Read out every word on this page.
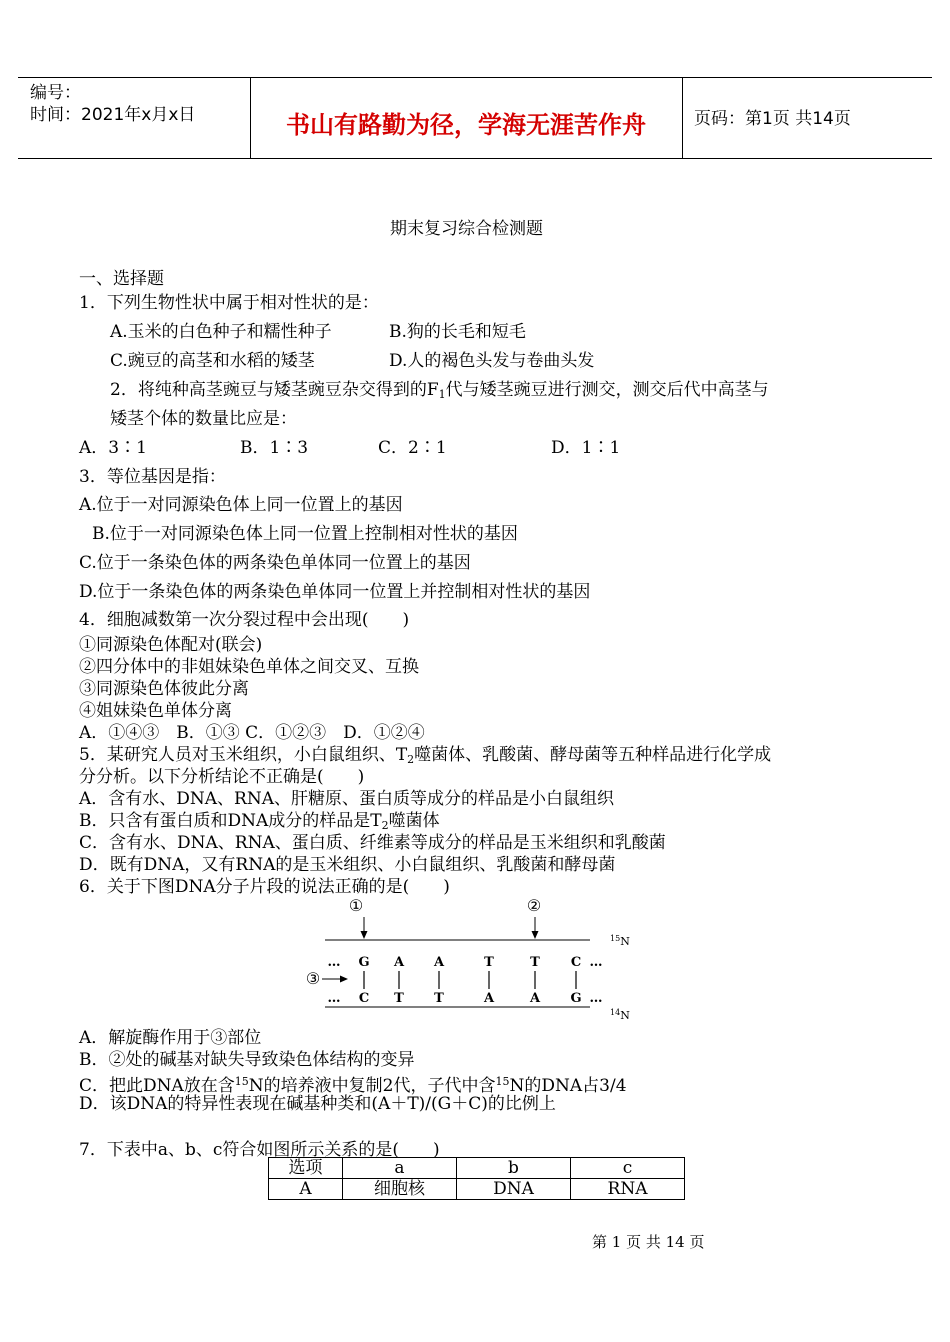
编号：
时间：2021年x月x日	书山有路勤为径，学海无涯苦作舟	页码：第1页 共14页
期末复习综合检测题
一、选择题
1．下列生物性状中属于相对性状的是：
A.玉米的白色种子和糯性种子	B.狗的长毛和短毛
C.豌豆的高茎和水稻的矮茎	D.人的褐色头发与卷曲头发
2．将纯种高茎豌豆与矮茎豌豆杂交得到的$F_1$代与矮茎豌豆进行测交，测交后代中高茎与
矮茎个体的数量比应是：
A．3∶1	B．1∶3	C．2∶1	D．1∶1
3．等位基因是指：
A.位于一对同源染色体上同一位置上的基因
B.位于一对同源染色体上同一位置上控制相对性状的基因
C.位于一条染色体的两条染色单体同一位置上的基因
D.位于一条染色体的两条染色单体同一位置上并控制相对性状的基因
4．细胞减数第一次分裂过程中会出现(　　)
①同源染色体配对(联会)
②四分体中的非姐妹染色单体之间交叉、互换
③同源染色体彼此分离
④姐妹染色单体分离
A．①④③　B．①③ C．①②③　D．①②④
5．某研究人员对玉米组织，小白鼠组织、$T_2$噬菌体、乳酸菌、酵母菌等五种样品进行化学成
分分析。以下分析结论不正确是(　　)
A．含有水、DNA、RNA、肝糖原、蛋白质等成分的样品是小白鼠组织
B．只含有蛋白质和DNA成分的样品是$T_2$噬菌体
C．含有水、DNA、RNA、蛋白质、纤维素等成分的样品是玉米组织和乳酸菌
D．既有DNA，又有RNA的是玉米组织、小白鼠组织、乳酸菌和酵母菌
6．关于下图DNA分子片段的说法正确的是(　　)
①	②
$^{15}$N
… G A A	T	T C …
③
… C T T	A	A G …
$^{14}$N
A．解旋酶作用于③部位
B．②处的碱基对缺失导致染色体结构的变异
C．把此DNA放在含$^{15}$N的培养液中复制2代，子代中含$^{15}$N的DNA占3/4
D．该DNA的特异性表现在碱基种类和(A＋T)/(G＋C)的比例上
7．下表中a、b、c符合如图所示关系的是(　　)
选项	a	b	c
A	细胞核	DNA	RNA
第 1 页 共 14 页
